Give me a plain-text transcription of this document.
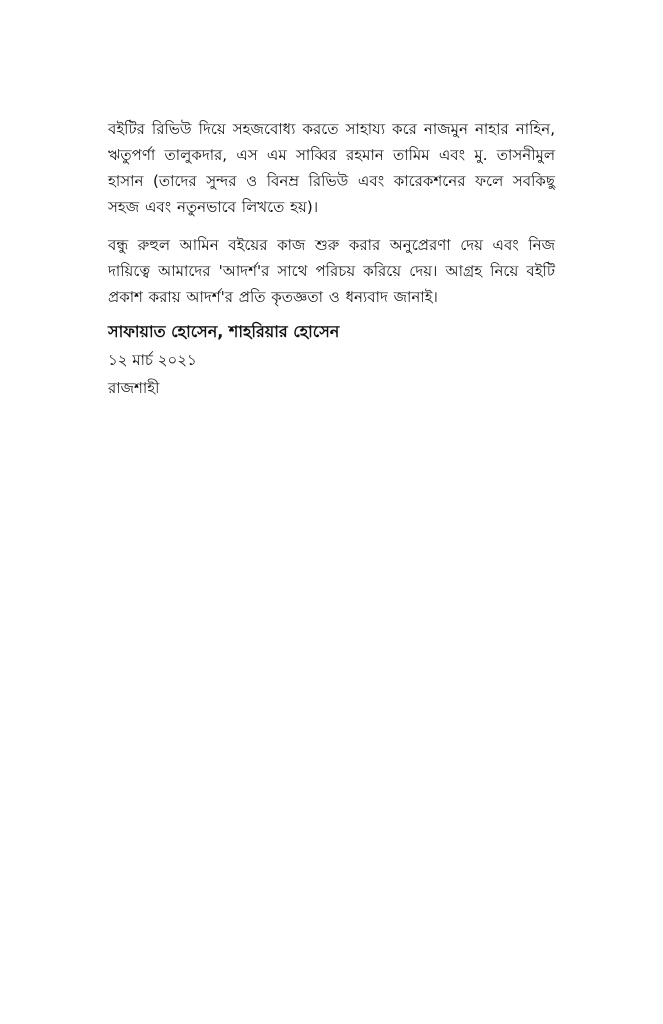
বইটির রিভিউ দিয়ে সহজবোধ্য করতে সাহায্য করে নাজমুন নাহার নাহিন, ঋতুপর্ণা তালুকদার, এস এম সাব্বির রহমান তামিম এবং মু. তাসনীমুল হাসান (তাদের সুন্দর ও বিনম্র রিভিউ এবং কারেকশনের ফলে সবকিছু সহজ এবং নতুনভাবে লিখতে হয়)।

বন্ধু রুহুল আমিন বইয়ের কাজ শুরু করার অনুপ্রেরণা দেয় এবং নিজ দায়িত্বে আমাদের 'আদর্শ'র সাথে পরিচয় করিয়ে দেয়। আগ্রহ নিয়ে বইটি প্রকাশ করায় আদর্শ'র প্রতি কৃতজ্ঞতা ও ধন্যবাদ জানাই।

সাফায়াত হোসেন, শাহরিয়ার হোসেন

১২ মার্চ ২০২১

রাজশাহী
